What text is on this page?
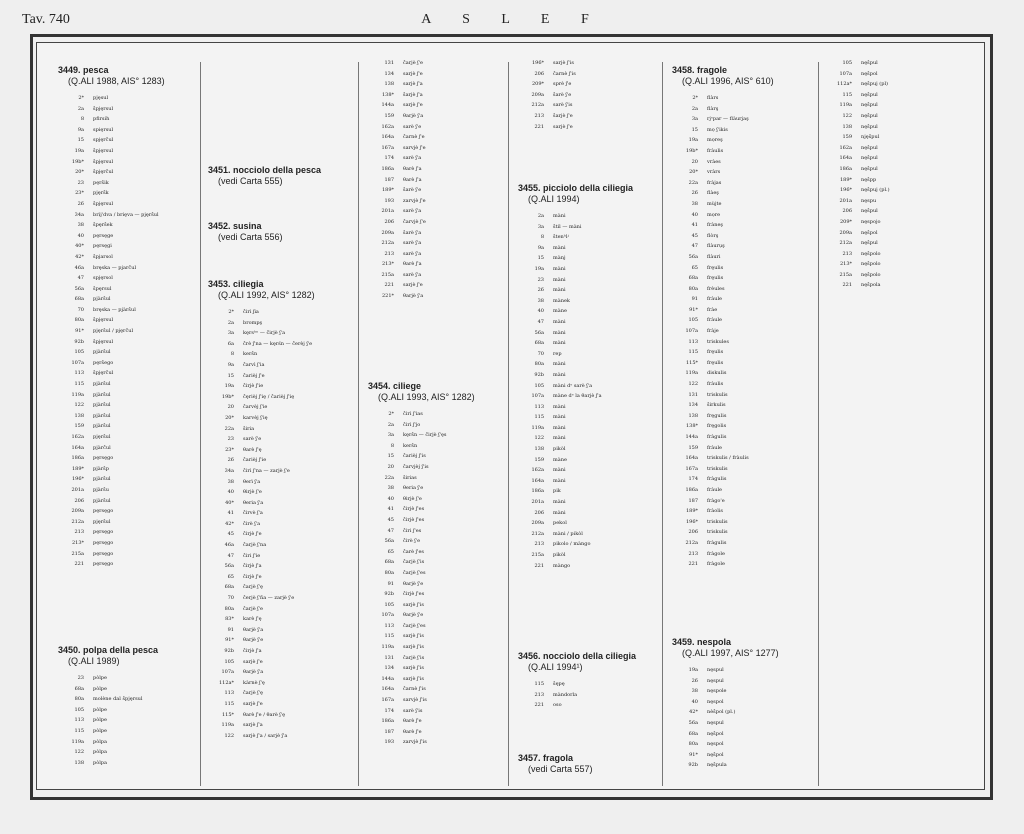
Tav. 740	A S L E F
3449. pesca
(Q.ALI 1988, AIS° 1283)
2*	pjęsul
2a	špjęrsul
8	pfirsih
9a	spięrsul
15	spjęrčul
19a	špjęrsul
19b*	špjęrsul
20*	špjęrčul
23	pęršik
23*	pjęršk
26	špjęrsul
34a	brìj'dva / brięva — pjęršul
38	špęršek
40	pęrsęge
40*	pęrsęgi
42*	špjarsol
46a	bręska — pjarčul
47	spjęrsol
56a	špęrsul
68a	pjàršul
70	bręska — pjàršul
80a	špjęrsul
91*	pjęršul / pjęrčul
92b	špjęrsul
105	pjàršul
107a	pęršego
113	špjęrčul
115	pjàršul
119a	pjàršul
122	pjàršul
138	pjàršul
159	pjàršul
162a	pjęršul
164a	pjàrčul
186a	pęrsęgo
189*	pjàršp
196*	pjàršul
201a	pjàršu
206	pjàršul
209a	pęrsęgo
212a	pjęršul
213	pęrsęgo
213*	pęrsęgo
215a	pęrsęgo
221	pęrsęgo
3450. polpa della pesca
(Q.ALI 1989)
23	pòlpe
68a	pòlpe
80a	molène dal špjęrsul
105	pòlpe
113	pòlpe
115	pòlpe
119a	pòlpa
122	pòlpa
138	pòlpa
3451. nocciolo della pesca
(vedi Carta 555)
3452. susina
(vedi Carta 556)
3453. ciliegia
(Q.ALI 1992, AIS° 1282)
2*	čirì ʃia
2a	brompş
3a	kęrsʰⁿ — čirjè ʃ'a
6a	črè ʃ'na — kęrśn — čerèj ʃ'e
8	keršn
9a	čarvì ʃ'ia
15	čarièj ʃ'e
19a	čirjè ʃ'ie
19b*	čęrièj ʃ'ię / čarièj ʃ'ię
20	čarvèj ʃ'ie
20*	karvèj ʃ'ię
22a	širia
23	sarè ʃ'e
23*	θarè ʃ'ę
26	čarièj ʃ'ie
34a	čirì ʃ'na — zarjè ʃ'e
38	θerì ʃ'a
40	θirjè ʃ'e
40*	θeria ʃ'a
41	čirvè ʃ'a
42*	čirè ʃ'a
45	čirjè ʃ'e
46a	čarjè ʃ'na
47	čiri ʃ'ie
56a	čirjè ʃ'a
65	čirjè ʃ'e
68a	čarjè ʃ'ę
70	čerjè ʃ'ña — zarjè ʃ'e
80a	čarjè ʃ'e
83*	karè ʃ'ę
91	θarjè ʃ'a
91*	θarjè ʃ'e
92b	čirjè ʃ'a
105	sarjè ʃ'e
107a	θarjè ʃ'a
112a*	kàrnè ʃ'ę
113	čarjè ʃ'ę
115	sarjè ʃ'e
115*	θarè ʃ'e / θarè ʃ'ę
119a	sarjè ʃ'a
122	sarjè ʃ'a / sarjè ʃ'a
131	čarjè ʃ'e
134	sarjè ʃ'e
138	sarjè ʃ'a
138*	šarjè ʃ'a
144a	sarjè ʃ'e
159	θarjè ʃ'a
162a	sarè ʃ'e
164a	čarnè ʃ'e
167a	sarvjè ʃ'e
174	sarè ʃ'a
186a	θarè ʃ'a
187	θarè ʃ'a
189*	šarè ʃ'e
193	zarvjè ʃ'e
201a	sarè ʃ'a
206	čarvjè ʃ'e
209a	šarè ʃ'a
212a	sarè ʃ'a
213	sarè ʃ'a
213*	θarè ʃ'a
215a	sarè ʃ'a
221	sarjè ʃ'e
221*	θarjè ʃ'a
3454. ciliege
(Q.ALI 1993, AIS° 1282)
2*	čirì ʃ'ias
2a	čirì ʃ'jo
3a	kęršn — čirjè ʃ'ęs
8	keršn
15	čarièj ʃ'is
20	čarvjèj ʃ'is
22a	širias
38	θeria ʃ'e
40	θirjè ʃ'e
41	čirjè ʃ'es
45	čirjè ʃ'es
47	čiri ʃ'es
56a	čirè ʃ'e
65	čarè ʃ'es
68a	čarjè ʃ'is
80a	čarjè ʃ'es
91	θarjè ʃ'e
92b	čirjè ʃ'es
105	sarjè ʃ'is
107a	θarjè ʃ'e
113	čarjè ʃ'es
115	sarjè ʃ'is
119a	sarjè ʃ'is
131	čarjè ʃ'is
134	sarjè ʃ'is
144a	sarjè ʃ'is
164a	čarnè ʃ'is
167a	sarvjè ʃ'is
174	sarè ʃ'is
186a	θarè ʃ'e
187	θarè ʃ'e
193	zarvjè ʃ'is
196*	sarjè ʃ'is
206	čarnè ʃ'is
209*	sprè ʃ'e
209a	šarè ʃ'e
212a	sarè ʃ'is
213	šarjè ʃ'e
221	sarjè ʃ'e
3455. picciolo della ciliegia
(Q.ALI 1994)
2a	màni
3a	štil — màni
8	štenʰlʲ
9a	màni
15	mànj
19a	màni
23	màni
26	màni
38	mànek
40	màne
47	màni
56a	màni
68a	màni
70	rep
80a	màni
92b	màni
105	màni dᵉ sarè ʃ'a
107a	màne dᵉ la θarjè ʃ'a
113	màni
115	màni
119a	màni
122	màni
138	pikòl
159	màne
162a	màni
164a	màni
186a	pik
201a	màni
206	màni
209a	pekol
212a	màni / pikòl
213	pikolo / màngo
215a	pikòl
221	màngo
3456. nocciolo della ciliegia
(Q.ALI 1994¹)
115	šępę
213	màndorla
221	oso
3457. fragola
(vedi Carta 557)
3458. fragole
(Q.ALI 1996, AIS° 610)
2*	flàrs
2a	flàrş
3a	rjᵉpar — flàurjaş
15	mọ ʃ'ikis
19a	mọreş
19b*	fràulis
20	vràes
20*	vràrs
22a	fràjas
26	flàeş
38	mùjte
40	mọre
41	fràneş
45	flòrş
47	flàurụş
56a	flàuri
65	fręulis
68a	fręulis
80a	frèules
91	fràule
91*	fràe
105	fràule
107a	fràje
113	triskules
115	fręulis
115*	fręulis
119a	diskulis
122	fràulis
131	triskulis
134	širkulis
138	fręgulis
138*	fręgolis
144a	fràgulis
159	fràule
164a	triskulis / fràulis
167a	triskulis
174	fràgulis
186a	fràule
187	fràgo'e
189*	fràolis
196*	triskulis
206	triskulis
212a	fràgulis
213	fràgole
221	fràgole
3459. nespola
(Q.ALI 1997, AIS° 1277)
19a	nęspul
26	nęspul
38	nęspole
40	nęspol
42*	nèšpol (pl.)
56a	nęspul
68a	nęšpol
80a	nęspol
91*	nęšpol
92b	nęšpula
105	nęšpul
107a	nęšpol
112a*	nęšpuj (pl)
115	nęšpul
119a	nęšpul
122	nęšpul
138	nęšpul
159	njęšpul
162a	nęšpul
164a	nęšpul
186a	nęšpul
189*	nęšpp
196*	nęšpuj (pl.)
201a	nęspu
206	nęšpul
209*	nęspojo
209a	nęšpol
212a	nęšpul
213	nęšpolo
213*	nęšpolo
215a	nęšpolo
221	nęšpola
